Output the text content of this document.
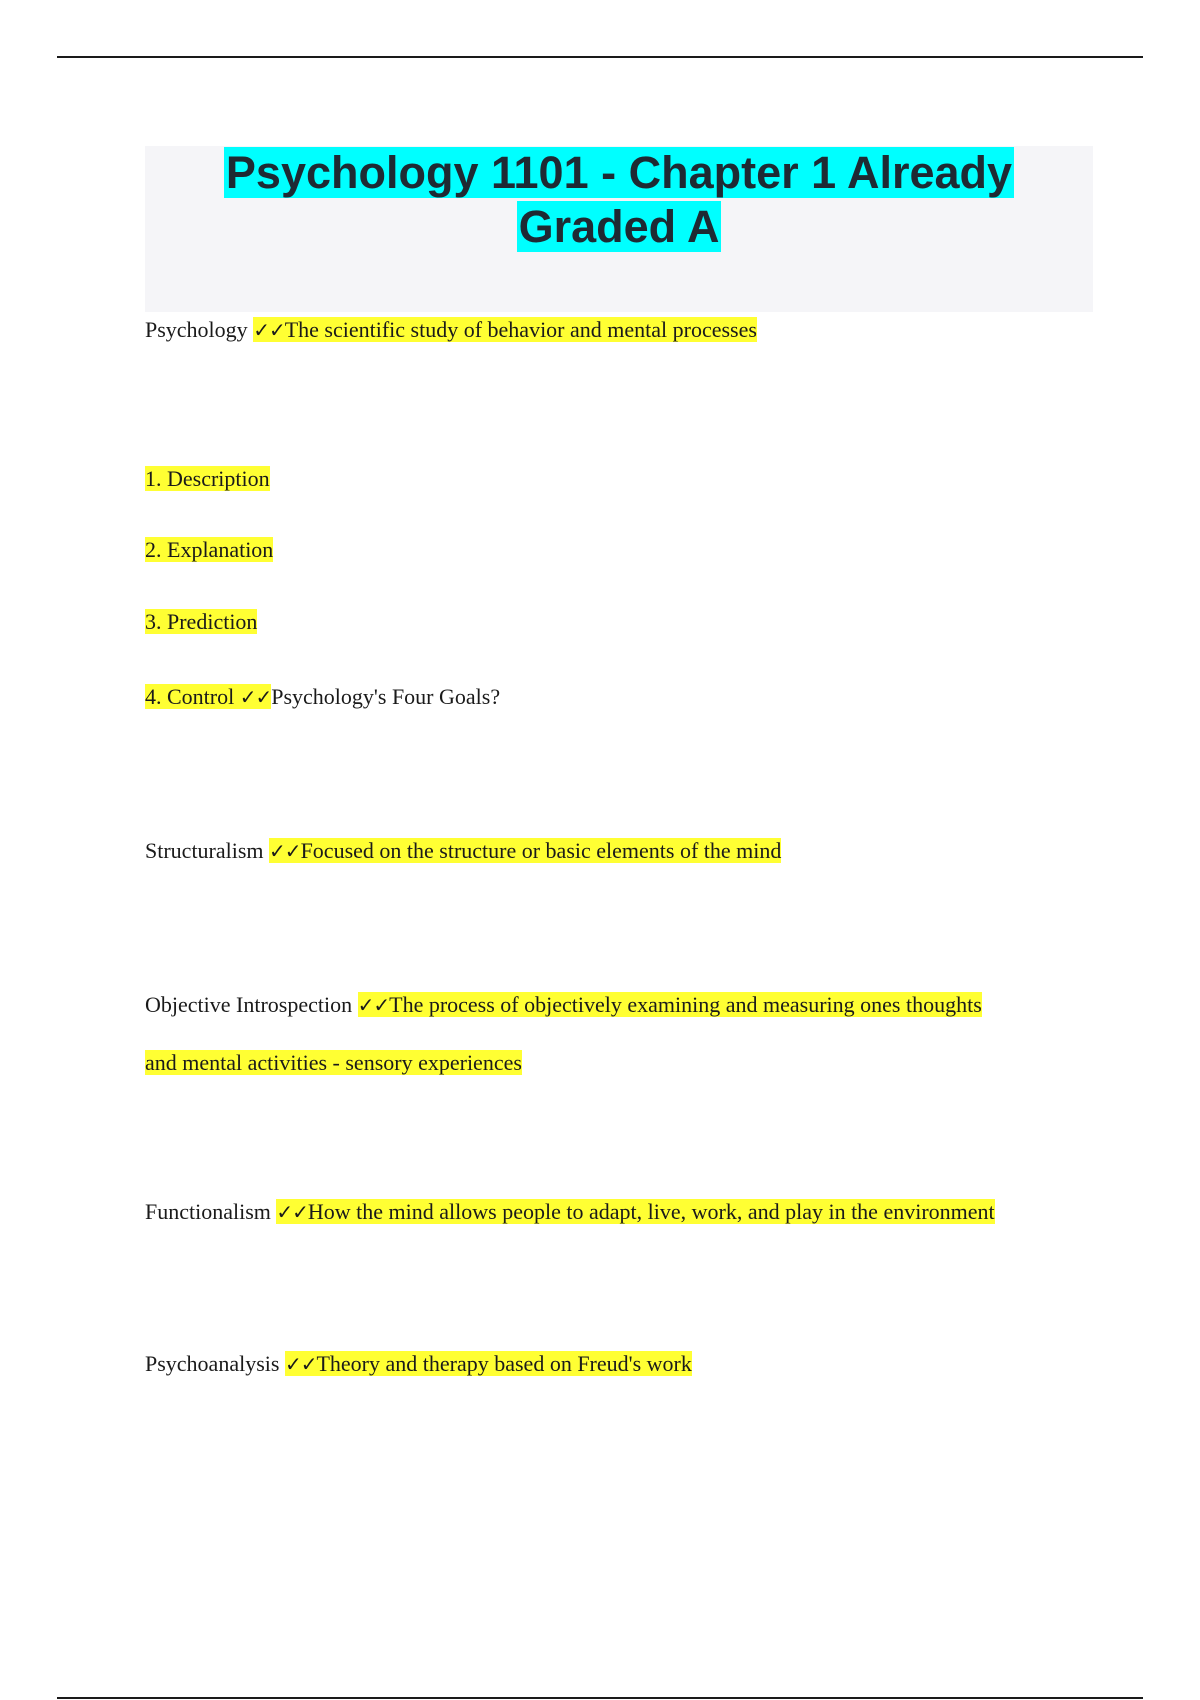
Psychology 1101 - Chapter 1 Already
Graded A
Psychology ✓✓The scientific study of behavior and mental processes
1. Description
2. Explanation
3. Prediction
4. Control ✓✓Psychology's Four Goals?
Structuralism ✓✓Focused on the structure or basic elements of the mind
Objective Introspection ✓✓The process of objectively examining and measuring ones thoughts
and mental activities - sensory experiences
Functionalism ✓✓How the mind allows people to adapt, live, work, and play in the environment
Psychoanalysis ✓✓Theory and therapy based on Freud's work
